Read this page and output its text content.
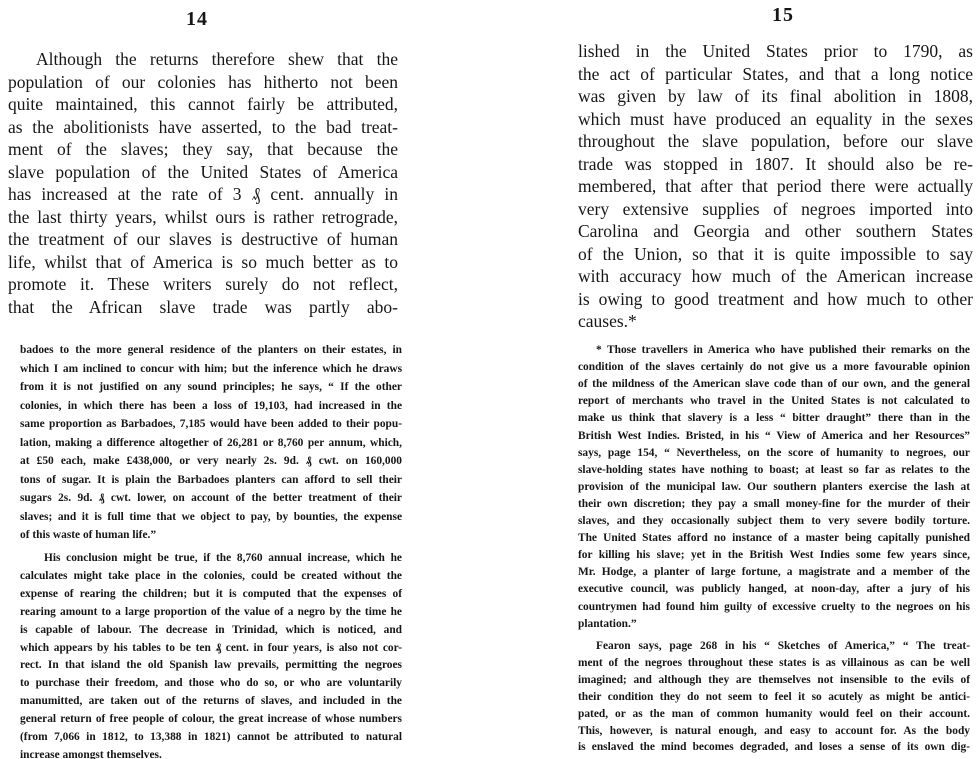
14
Although the returns therefore shew that the
population of our colonies has hitherto not been
quite maintained, this cannot fairly be attributed,
as the abolitionists have asserted, to the bad treat-
ment of the slaves; they say, that because the
slave population of the United States of America
has increased at the rate of 3 ₰ cent. annually in
the last thirty years, whilst ours is rather retrograde,
the treatment of our slaves is destructive of human
life, whilst that of America is so much better as to
promote it. These writers surely do not reflect,
that the African slave trade was partly abo-
badoes to the more general residence of the planters on their estates, in
which I am inclined to concur with him; but the inference which he draws
from it is not justified on any sound principles; he says, “ If the other
colonies, in which there has been a loss of 19,103, had increased in the
same proportion as Barbadoes, 7,185 would have been added to their popu-
lation, making a difference altogether of 26,281 or 8,760 per annum, which,
at £50 each, make £438,000, or very nearly 2s. 9d. ₰ cwt. on 160,000
tons of sugar. It is plain the Barbadoes planters can afford to sell their
sugars 2s. 9d. ₰ cwt. lower, on account of the better treatment of their
slaves; and it is full time that we object to pay, by bounties, the expense
of this waste of human life.”
His conclusion might be true, if the 8,760 annual increase, which he
calculates might take place in the colonies, could be created without the
expense of rearing the children; but it is computed that the expenses of
rearing amount to a large proportion of the value of a negro by the time he
is capable of labour. The decrease in Trinidad, which is noticed, and
which appears by his tables to be ten ₰ cent. in four years, is also not cor-
rect. In that island the old Spanish law prevails, permitting the negroes
to purchase their freedom, and those who do so, or who are voluntarily
manumitted, are taken out of the returns of slaves, and included in the
general return of free people of colour, the great increase of whose numbers
(from 7,066 in 1812, to 13,388 in 1821) cannot be attributed to natural
increase amongst themselves.
15
lished in the United States prior to 1790, as
the act of particular States, and that a long notice
was given by law of its final abolition in 1808,
which must have produced an equality in the sexes
throughout the slave population, before our slave
trade was stopped in 1807. It should also be re-
membered, that after that period there were actually
very extensive supplies of negroes imported into
Carolina and Georgia and other southern States
of the Union, so that it is quite impossible to say
with accuracy how much of the American increase
is owing to good treatment and how much to other
causes.*
* Those travellers in America who have published their remarks on the
condition of the slaves certainly do not give us a more favourable opinion
of the mildness of the American slave code than of our own, and the general
report of merchants who travel in the United States is not calculated to
make us think that slavery is a less “ bitter draught” there than in the
British West Indies. Bristed, in his “ View of America and her Resources”
says, page 154, “ Nevertheless, on the score of humanity to negroes, our
slave-holding states have nothing to boast; at least so far as relates to the
provision of the municipal law. Our southern planters exercise the lash at
their own discretion; they pay a small money-fine for the murder of their
slaves, and they occasionally subject them to very severe bodily torture.
The United States afford no instance of a master being capitally punished
for killing his slave; yet in the British West Indies some few years since,
Mr. Hodge, a planter of large fortune, a magistrate and a member of the
executive council, was publicly hanged, at noon-day, after a jury of his
countrymen had found him guilty of excessive cruelty to the negroes on his
plantation.”
Fearon says, page 268 in his “ Sketches of America,” “ The treat-
ment of the negroes throughout these states is as villainous as can be well
imagined; and although they are themselves not insensible to the evils of
their condition they do not seem to feel it so acutely as might be antici-
pated, or as the man of common humanity would feel on their account.
This, however, is natural enough, and easy to account for. As the body
is enslaved the mind becomes degraded, and loses a sense of its own dig-
